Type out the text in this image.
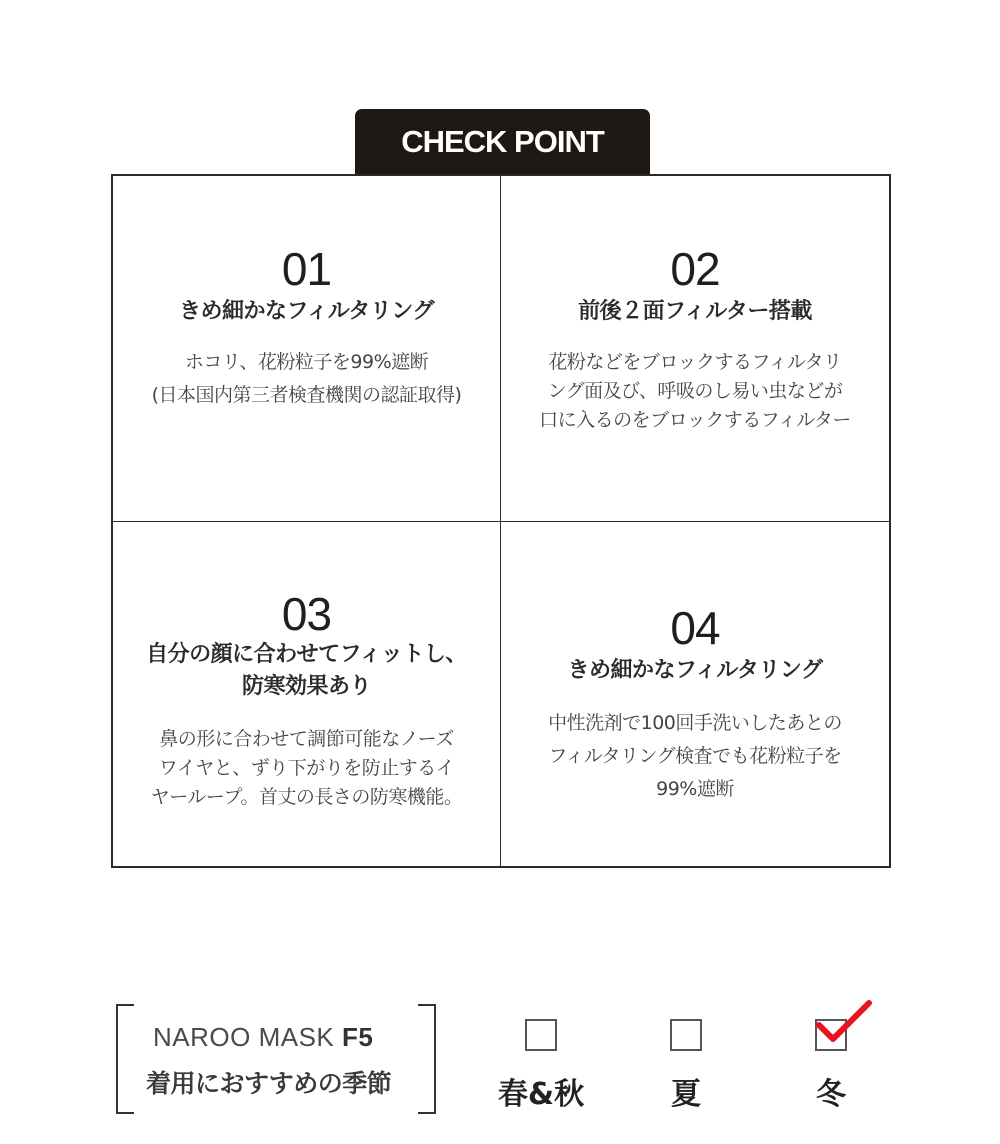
CHECK POINT
01
きめ細かなフィルタリング
ホコリ、花粉粒子を99%遮断
(日本国内第三者検査機関の認証取得)
02
前後２面フィルター搭載
花粉などをブロックするフィルタリ
ング面及び、呼吸のし易い虫などが
口に入るのをブロックするフィルター
03
自分の顔に合わせてフィットし、
防寒効果あり
鼻の形に合わせて調節可能なノーズ
ワイヤと、ずり下がりを防止するイ
ヤーループ。首丈の長さの防寒機能。
04
きめ細かなフィルタリング
中性洗剤で100回手洗いしたあとの
フィルタリング検査でも花粉粒子を
99%遮断
NAROO MASK F5
着用におすすめの季節	春&秋	夏	冬
